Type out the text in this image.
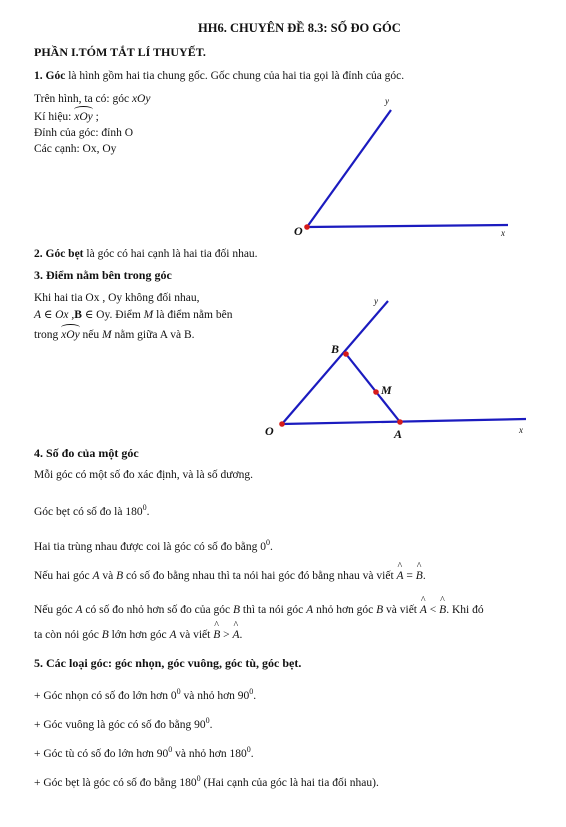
HH6. CHUYÊN ĐỀ 8.3: SỐ ĐO GÓC
PHẦN I.TÓM TẮT LÍ THUYẾT.
1. Góc là hình gồm hai tia chung gốc. Gốc chung của hai tia gọi là đỉnh của góc.
Trên hình, ta có: góc xOy
Kí hiệu: xOy ;
Đỉnh của góc: đỉnh O
Các cạnh: Ox, Oy
O
y
x
2. Góc bẹt là góc có hai cạnh là hai tia đối nhau.
3. Điểm nằm bên trong góc
Khi hai tia Ox , Oy không đối nhau,
A ∈ Ox ,B ∈ Oy. Điểm M là điểm nằm bên
trong xOy nếu M nằm giữa A và B.
O
B
M
A
y
x
4. Số đo của một góc
Mỗi góc có một số đo xác định, và là số dương.
Góc bẹt có số đo là $180^0$.
Hai tia trùng nhau được coi là góc có số đo bằng $0^0$.
Nếu hai góc A và B có số đo bằng nhau thì ta nói hai góc đó bằng nhau và viết ^ A = ^ B.
Nếu góc A có số đo nhỏ hơn số đo của góc B thì ta nói góc A nhỏ hơn góc B và viết ^ A < ^ B. Khi đó
ta còn nói góc B lớn hơn góc A và viết ^ B > ^ A.
5. Các loại góc: góc nhọn, góc vuông, góc tù, góc bẹt.
+ Góc nhọn có số đo lớn hơn $0^0$ và nhỏ hơn $90^0$.
+ Góc vuông là góc có số đo bằng $90^0$.
+ Góc tù có số đo lớn hơn $90^0$ và nhỏ hơn $180^0$.
+ Góc bẹt là góc có số đo bằng $180^0$ (Hai cạnh của góc là hai tia đối nhau).
